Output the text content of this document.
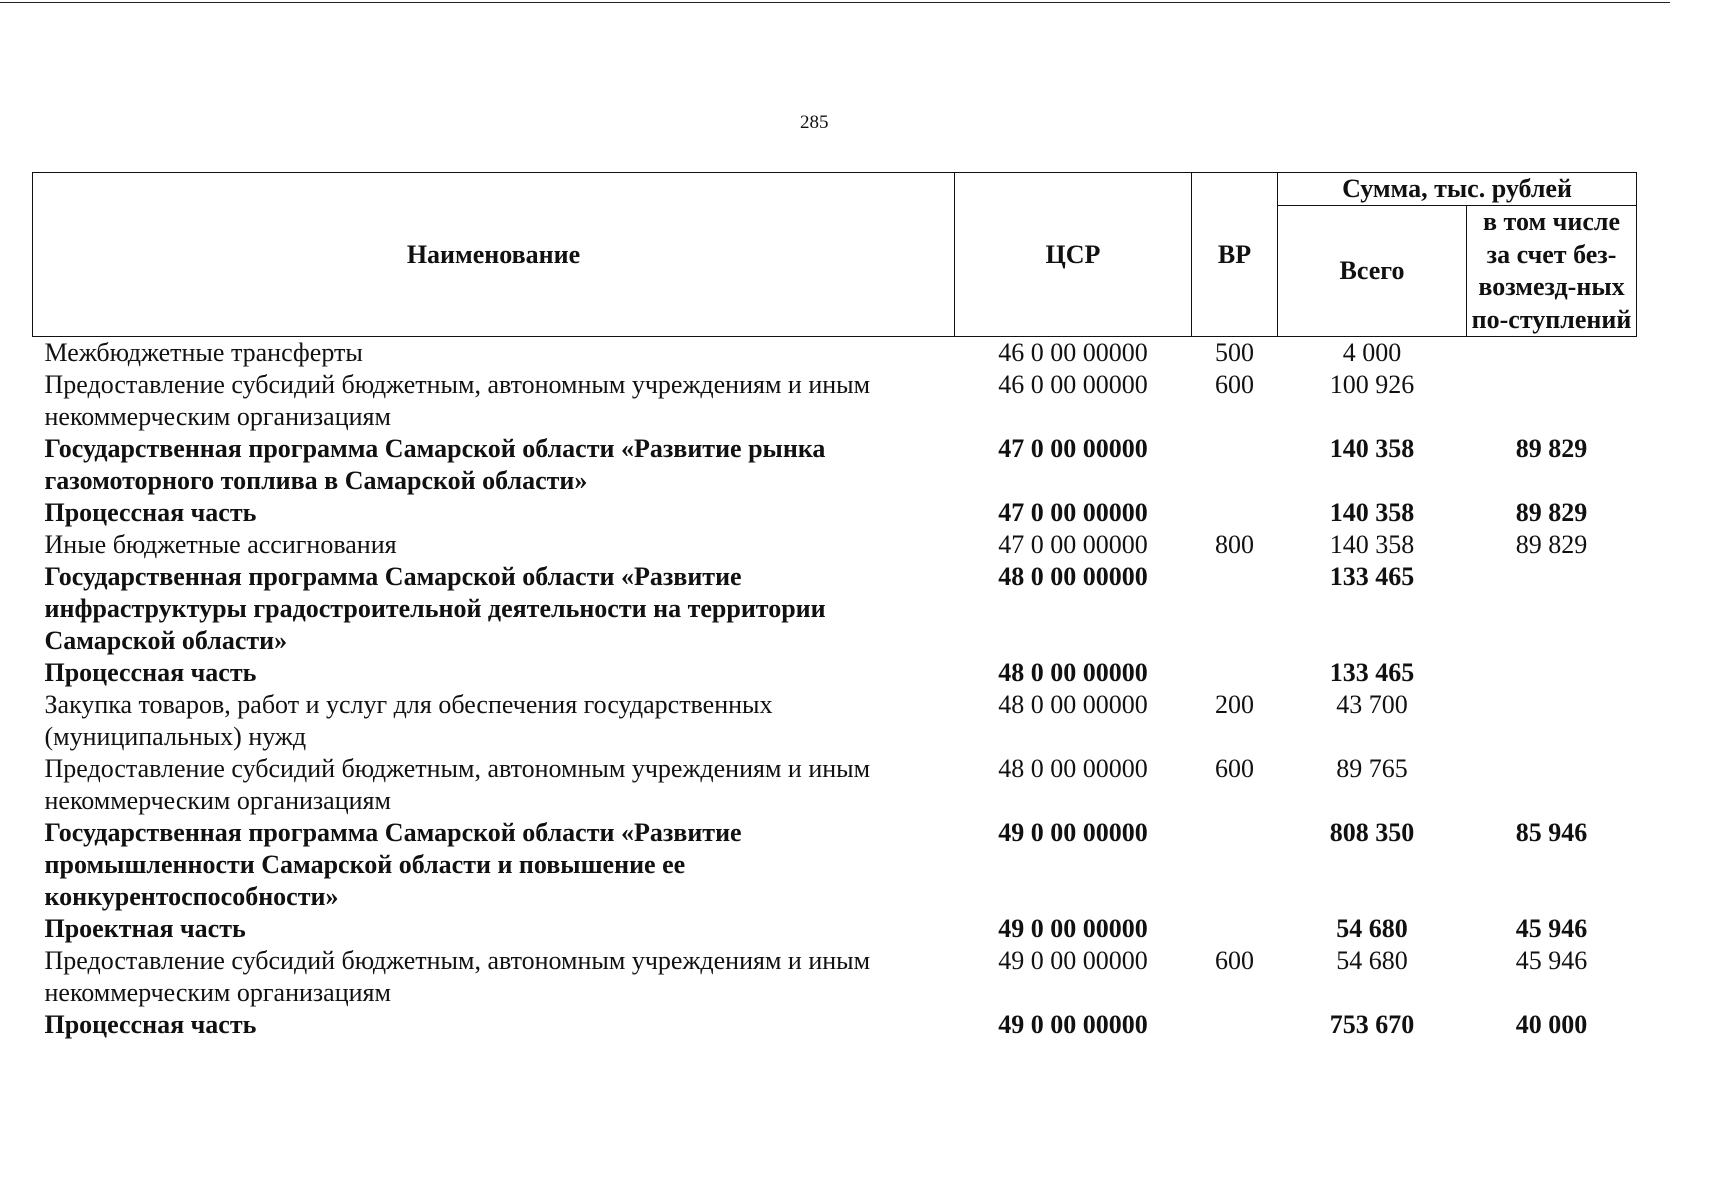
285
Наименование	ЦСР	ВР	Сумма, тыс. рублей	
			Всего	в том числе за счет без-возмезд-ных по-ступлений
Межбюджетные трансферты	46 0 00 00000	500	4 000	
Предоставление субсидий бюджетным, автономным учреждениям и иным некоммерческим организациям	46 0 00 00000	600	100 926	
Государственная программа Самарской области «Развитие рынка газомоторного топлива в Самарской области»	47 0 00 00000		140 358	89 829
Процессная часть	47 0 00 00000		140 358	89 829
Иные бюджетные ассигнования	47 0 00 00000	800	140 358	89 829
Государственная программа Самарской области «Развитие инфраструктуры градостроительной деятельности на территории Самарской области»	48 0 00 00000		133 465	
Процессная часть	48 0 00 00000		133 465	
Закупка товаров, работ и услуг для обеспечения государственных (муниципальных) нужд	48 0 00 00000	200	43 700	
Предоставление субсидий бюджетным, автономным учреждениям и иным некоммерческим организациям	48 0 00 00000	600	89 765	
Государственная программа Самарской области «Развитие промышленности Самарской области и повышение ее конкурентоспособности»	49 0 00 00000		808 350	85 946
Проектная часть	49 0 00 00000		54 680	45 946
Предоставление субсидий бюджетным, автономным учреждениям и иным некоммерческим организациям	49 0 00 00000	600	54 680	45 946
Процессная часть	49 0 00 00000		753 670	40 000
